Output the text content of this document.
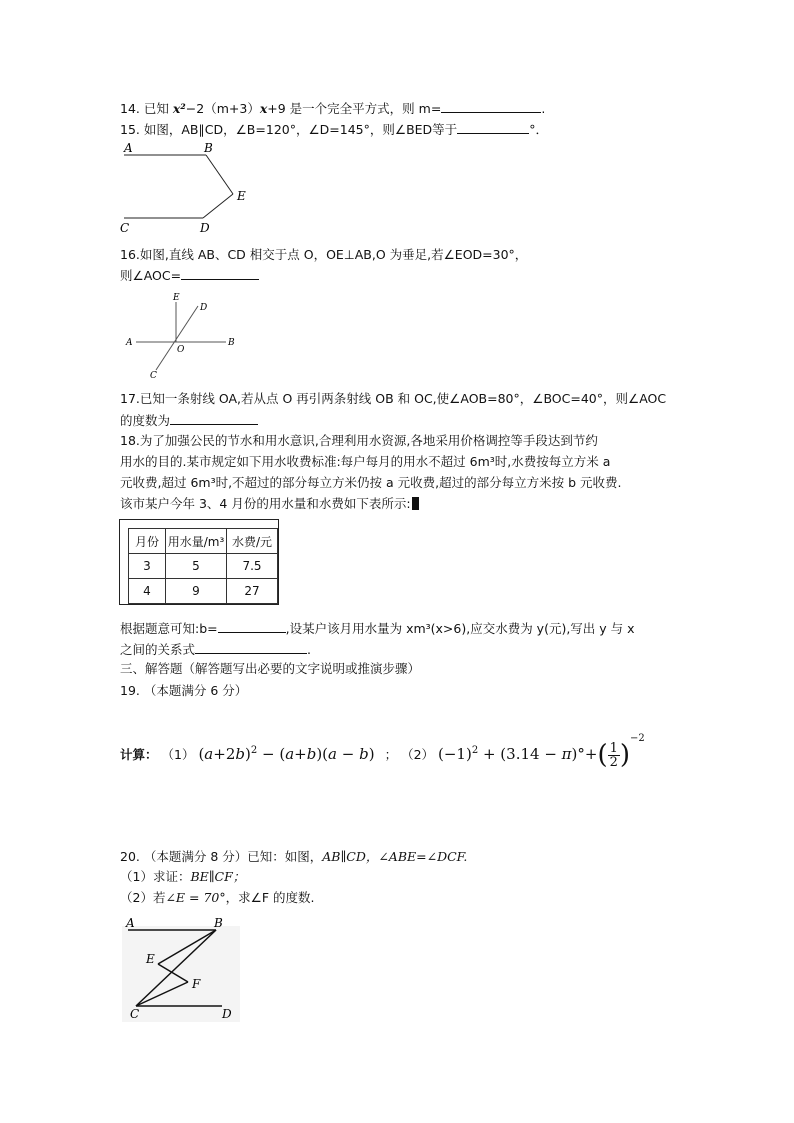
14. 已知 x²−2（m+3）x+9 是一个完全平方式，则 m=	.
15. 如图，AB∥CD，∠B=120°，∠D=145°，则∠BED等于	°．
A	B
E
C	D
16.如图,直线 AB、CD 相交于点 O，OE⊥AB,O 为垂足,若∠EOD=30°，
则∠AOC=
E
D
A
O
B
C
17.已知一条射线 OA,若从点 O 再引两条射线 OB 和 OC,使∠AOB=80°，∠BOC=40°，则∠AOC
的度数为
18.为了加强公民的节水和用水意识,合理利用水资源,各地采用价格调控等手段达到节约
用水的目的.某市规定如下用水收费标准:每户每月的用水不超过 6m³时,水费按每立方米 a
元收费,超过 6m³时,不超过的部分每立方米仍按 a 元收费,超过的部分每立方米按 b 元收费.
该市某户今年 3、4 月份的用水量和水费如下表所示:
月份	用水量/m³	水费/元
3	5	7.5
4	9	27
根据题意可知:b=	,设某户该月用水量为 xm³(x>6),应交水费为 y(元),写出 y 与 x
之间的关系式	.
三、解答题（解答题写出必要的文字说明或推演步骤）
19. （本题满分 6 分）
计算： （1） $(a+2b)^2 - (a+b)(a - b)$ ； （2） $(-1)^2 + (3.14 - \pi)^\circ+( \frac{1}{2} )^{-2}$
20. （本题满分 8 分）已知：如图，AB∥CD，∠ABE=∠DCF.
（1）求证：BE∥CF；
（2）若∠E = 70°，求∠F 的度数.
A	B
E
F
C	D
